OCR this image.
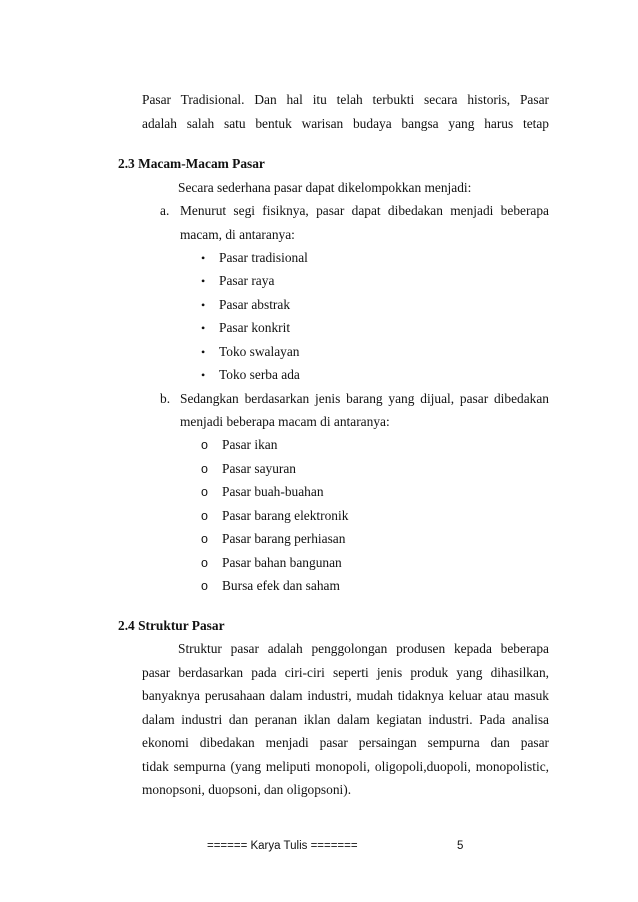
Pasar Tradisional. Dan hal itu telah terbukti secara historis, Pasar
adalah salah satu bentuk warisan budaya bangsa yang harus tetap
2.3 Macam-Macam Pasar
Secara sederhana pasar dapat dikelompokkan menjadi:
a. Menurut segi fisiknya, pasar dapat dibedakan menjadi beberapa
macam, di antaranya:
• Pasar tradisional
• Pasar raya
• Pasar abstrak
• Pasar konkrit
• Toko swalayan
• Toko serba ada
b. Sedangkan berdasarkan jenis barang yang dijual, pasar dibedakan
menjadi beberapa macam di antaranya:
o Pasar ikan
o Pasar sayuran
o Pasar buah-buahan
o Pasar barang elektronik
o Pasar barang perhiasan
o Pasar bahan bangunan
o Bursa efek dan saham
2.4 Struktur Pasar
Struktur pasar adalah penggolongan produsen kepada beberapa
pasar berdasarkan pada ciri-ciri seperti jenis produk yang dihasilkan,
banyaknya perusahaan dalam industri, mudah tidaknya keluar atau masuk
dalam industri dan peranan iklan dalam kegiatan industri. Pada analisa
ekonomi dibedakan menjadi pasar persaingan sempurna dan pasar
tidak sempurna (yang meliputi monopoli, oligopoli,duopoli, monopolistic,
monopsoni, duopsoni, dan oligopsoni).
====== Karya Tulis =======	5
